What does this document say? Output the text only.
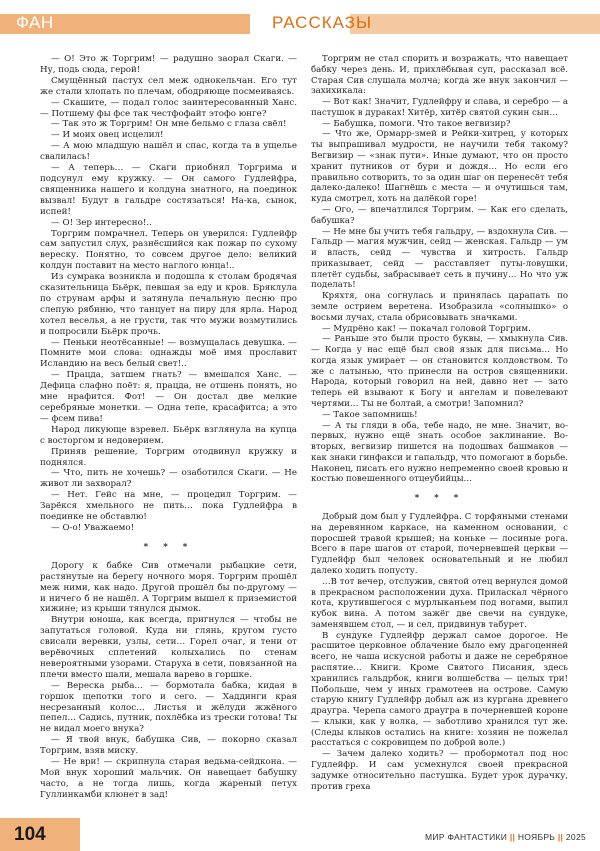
ФАН	РАССКАЗЫ

— О! Это ж Торгрим! — радушно заорал Скаги. — Ну, подь сюда, герой!

Смущённый пастух сел меж однокельчан. Его тут же стали хлопать по плечам, ободряюще посмеиваясь.

— Скашите, — подал голос заинтересованный Ханс. — Потшему фы фсе так честфофайт этофо юнге?

— Так это ж Торгрим! Он мне бельмо с глаза свёл!

— И моих овец исцелил!

— А мою младшую нашёл и спас, когда та в ущелье свалилась!

— А теперь… — Скаги приобнял Торгрима и подсунул ему кружку. — Он самого Гудлейфра, священника нашего и колдуна знатного, на поединок вызвал! Будут в гальдре состязаться! На-ка, сынок, испей!

— О! Зер интересно!..

Торгрим помрачнел. Теперь он уверился: Гудлейфр сам запустил слух, разнёсшийся как пожар по сухому вереску. Понятно, то совсем другое дело: великий колдун поставит на место наглого юнца!..

Из сумрака возникла и подошла к столам бродячая сказительница Бьёрк, певшая за еду и кров. Бряклула по струнам арфы и затянула печальную песню про слепую рябиню, что танцует на пиру для ярла. Народ хотел веселья, а не грусти, так что мужи возмутились и попросили Бьёрк прочь.

— Пеньки неотёсанные! — возмущалась девушка. — Помните мои слова: однажды моё имя прославит Исландию на весь белый свет!..

— Працда, затшем гнать? — вмешался Ханс. — Дефица слафно поёт: я, працда, не отшень понять, но мне нрафится. Фот! — Он достал две мелкие серебряные монетки. — Одна тепе, красафитса; а это — фсем пива!

Народ ликующе взревел. Бьёрк взглянула на купца с восторгом и недоверием.

Приняв решение, Торгрим отодвинул кружку и поднялся.

— Что, пить не хочешь? — озаботился Скаги. — Не живот ли захворал?

— Нет. Гейс на мне, — процедил Торгрим. — Зарёкся хмельного не пить… пока Гудлейфра в поединке не обставлю!

— О-о! Уважаемо!

* * *

Дорогу к бабке Сив отмечали рыбацкие сети, растянутые на берегу ночного моря. Торгрим прошёл меж ними, как надо. Другой прошёл бы по-другому — и ничего б не нашёл. А Торгрим вышел к приземистой хижине; из крыши тянулся дымок.

Внутри юноша, как всегда, пригнулся — чтобы не запутаться головой. Куда ни глянь, кругом густо свисали веревки, узлы, сети… Горел очаг, и тени от верёвочных сплетений колыхались по стенам невероятными узорами. Старуха в сети, повязанной на плечи вместо шали, мешала варево в горшке.

— Вереска рыба… — бормотала бабка, кидая в горшок щепотки того и сего. — Хаддинги края несрезанный колос… Листья и жёлуди жжёного пепел… Садись, путник, похлёбка из трески готова! Ты не видал моего внука?

— Я твой внук, бабушка Сив, — покорно сказал Торгрим, взяв миску.

— Не ври! — скрипнула старая ведьма-сейдкона. — Мой внук хороший мальчик. Он навещает бабушку часто, а не тогда лишь, когда жареный петух Гуллинкамби клюнет в зад!

Торгрим не стал спорить и возражать, что навещает бабку через день. И, прихлёбывая суп, рассказал всё. Старая Сив слушала молча; когда же внук закончил — захихикала:

— Вот как! Значит, Гудлейфру и слава, и серебро — а пастушок в дураках! Хитёр, хитёр святой сукин сын…

— Бабушка, помоги. Что такое вегвизир?

— Что же, Ормарр-змей и Рейки-хитрец, у которых ты выпрашивал мудрости, не научили тебя такому? Вегвизир — «знак пути». Иные думают, что он просто хранит путников от бури и дождя… Но если его правильно сотворить, то за один шаг он перенесёт тебя далеко-далеко! Шагнёшь с места — и очутишься там, куда смотрел, хоть на далёкой горе!

— Ого, — впечатлился Торгрим. — Как его сделать, бабушка?

— Не мне бы учить тебя гальдру, — вздохнула Сив. — Гальдр — магия мужчин, сейд — женская. Гальдр — ум и власть, сейд — чувства и хитрость. Гальдр приказывает, сейд — расставляет путы-ловушки, плетёт судьбы, забрасывает сеть в пучину… Но что уж поделать!

Кряхтя, она согнулась и принялась царапать по земле острием веретена. Изобразила «солнышко» о восьми лучах, стала обрисовывать значками.

— Мудрёно как! — покачал головой Торгрим.

— Раньше это были просто буквы, — хмыкнула Сив. — Когда у нас ещё был свой язык для письма… Но когда язык умирает — он становится колдовством. То же с латынью, что принесли на остров священники. Народа, который говорил на ней, давно нет — зато теперь ей взывают к Богу и ангелам и повелевают чертями… Ты не болтай, а смотри! Запомнил?

— Такое запомнишь!

— А ты гляди в оба, тебе надо, не мне. Значит, во-первых, нужно ещё знать особое заклинание. Во-вторых, вегвизир пишется на подошвах башмаков — как знаки гинфакси и гапальдр, что помогают в борьбе. Наконец, писать его нужно непременно своей кровью и костью повешенного отцеубийцы…

* * *

Добрый дом был у Гудлейфра. С торфяными стенами на деревянном каркасе, на каменном основании, с поросшей травой крышей; на коньке — лосиные рога. Всего в паре шагов от старой, почерневшей церкви — Гудлейфр был человек основательный и не любил далеко ходить попусту.

…В тот вечер, отслужив, святой отец вернулся домой в прекрасном расположении духа. Приласкал чёрного кота, крутившегося с мурлыканьем под ногами, выпил кубок вина. А потом зажёг две свечи на сундуке, заменявшем стол, — и сел, придвинув табурет.

В сундуке Гудлейфр держал самое дорогое. Не расшитое церковное облачение было ему драгоценней всего, не чаша искусной работы и даже не серебряное распятие… Книги. Кроме Святого Писания, здесь хранились гальдрбок, книги волшебства — целых три! Побольше, чем у иных грамотеев на острове. Самую старую книгу Гудлейфр добыл аж из кургана древнего драугра. Черепа самого драугра в почерневшей короне — клыки, как у волка, — заботливо хранился тут же. (Следы клыков остались на книге: хозяин не пожелал расстаться с сокровищем по доброй воле.)

— Зачем далеко ходить? — пробормотал под нос Гудлейфр. И сам усмехнулся своей прекрасной задумке относительно пастушка. Будет урок дурачку, против греха

104	МИР ФАНТАСТИКИ || НОЯБРЬ || 2025
